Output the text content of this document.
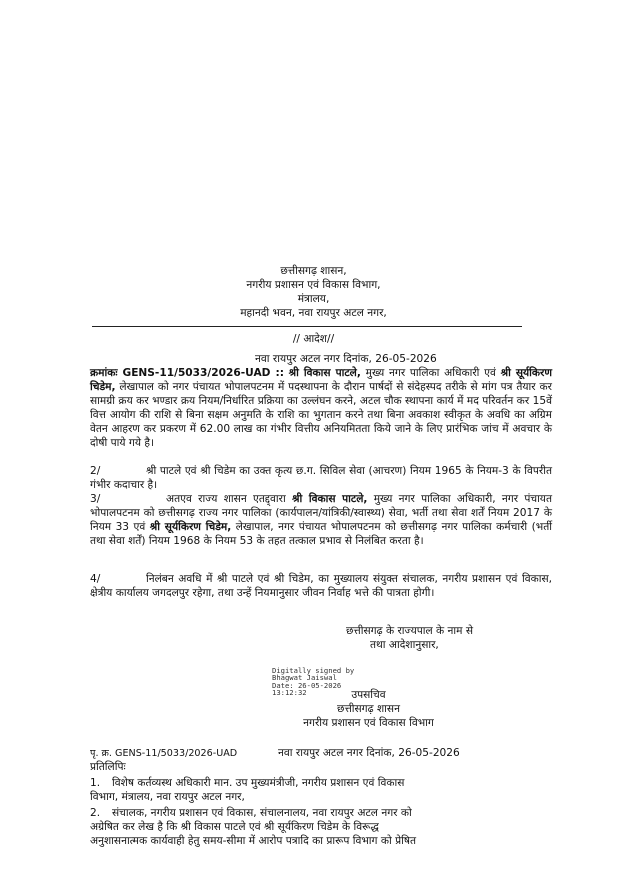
छत्तीसगढ़ शासन,
नगरीय प्रशासन एवं विकास विभाग,
मंत्रालय,
महानदी भवन, नवा रायपुर अटल नगर,
// आदेश//
नवा रायपुर अटल नगर दिनांक, 26-05-2026
क्रमांकः GENS-11/5033/2026-UAD :: श्री विकास पाटले, मुख्य नगर पालिका अधिकारी एवं श्री सूर्यकिरण चिडेम, लेखापाल को नगर पंचायत भोपालपटनम में पदस्थापना के दौरान पार्षदों से संदेहस्पद तरीके से मांग पत्र तैयार कर सामग्री क्रय कर भण्डार क्रय नियम/निर्धारित प्रक्रिया का उल्लंघन करने, अटल चौक स्थापना कार्य में मद परिवर्तन कर 15वें वित्त आयोग की राशि से बिना सक्षम अनुमति के राशि का भुगतान करने तथा बिना अवकाश स्वीकृत के अवधि का अग्रिम वेतन आहरण कर प्रकरण में 62.00 लाख का गंभीर वित्तीय अनियमितता किये जाने के लिए प्रारंभिक जांच में अवचार के दोषी पाये गये है।
2/	श्री पाटले एवं श्री चिडेम का उक्त कृत्य छ.ग. सिविल सेवा (आचरण) नियम 1965 के नियम-3 के विपरीत गंभीर कदाचार है।
3/	अतएव राज्य शासन एतद्द्वारा श्री विकास पाटले, मुख्य नगर पालिका अधिकारी, नगर पंचायत भोपालपटनम को छत्तीसगढ़ राज्य नगर पालिका (कार्यपालन/यांत्रिकी/स्वास्थ्य) सेवा, भर्ती तथा सेवा शर्तें नियम 2017 के नियम 33 एवं श्री सूर्यकिरण चिडेम, लेखापाल, नगर पंचायत भोपालपटनम को छत्तीसगढ़ नगर पालिका कर्मचारी (भर्ती तथा सेवा शर्तें) नियम 1968 के नियम 53 के तहत तत्काल प्रभाव से निलंबित करता है।
4/	निलंबन अवधि में श्री पाटले एवं श्री चिडेम, का मुख्यालय संयुक्त संचालक, नगरीय प्रशासन एवं विकास, क्षेत्रीय कार्यालय जगदलपुर रहेगा, तथा उन्हें नियमानुसार जीवन निर्वाह भत्ते की पात्रता होगी।
छत्तीसगढ़ के राज्यपाल के नाम से
तथा आदेशानुसार,
Digitally signed by
Bhagwat Jaiswal
Date: 26-05-2026
13:12:32	उपसचिव
छत्तीसगढ़ शासन
नगरीय प्रशासन एवं विकास विभाग
पृ. क्र. GENS-11/5033/2026-UAD	नवा रायपुर अटल नगर दिनांक, 26-05-2026
प्रतिलिपिः
1. विशेष कर्तव्यस्थ अधिकारी मान. उप मुख्यमंत्रीजी, नगरीय प्रशासन एवं विकास
विभाग, मंत्रालय, नवा रायपुर अटल नगर,
2. संचालक, नगरीय प्रशासन एवं विकास, संचालनालय, नवा रायपुर अटल नगर को
अग्रेषित कर लेख है कि श्री विकास पाटले एवं श्री सूर्यकिरण चिडेम के विरूद्ध
अनुशासनात्मक कार्यवाही हेतु समय-सीमा में आरोप पत्रादि का प्रारूप विभाग को प्रेषित
